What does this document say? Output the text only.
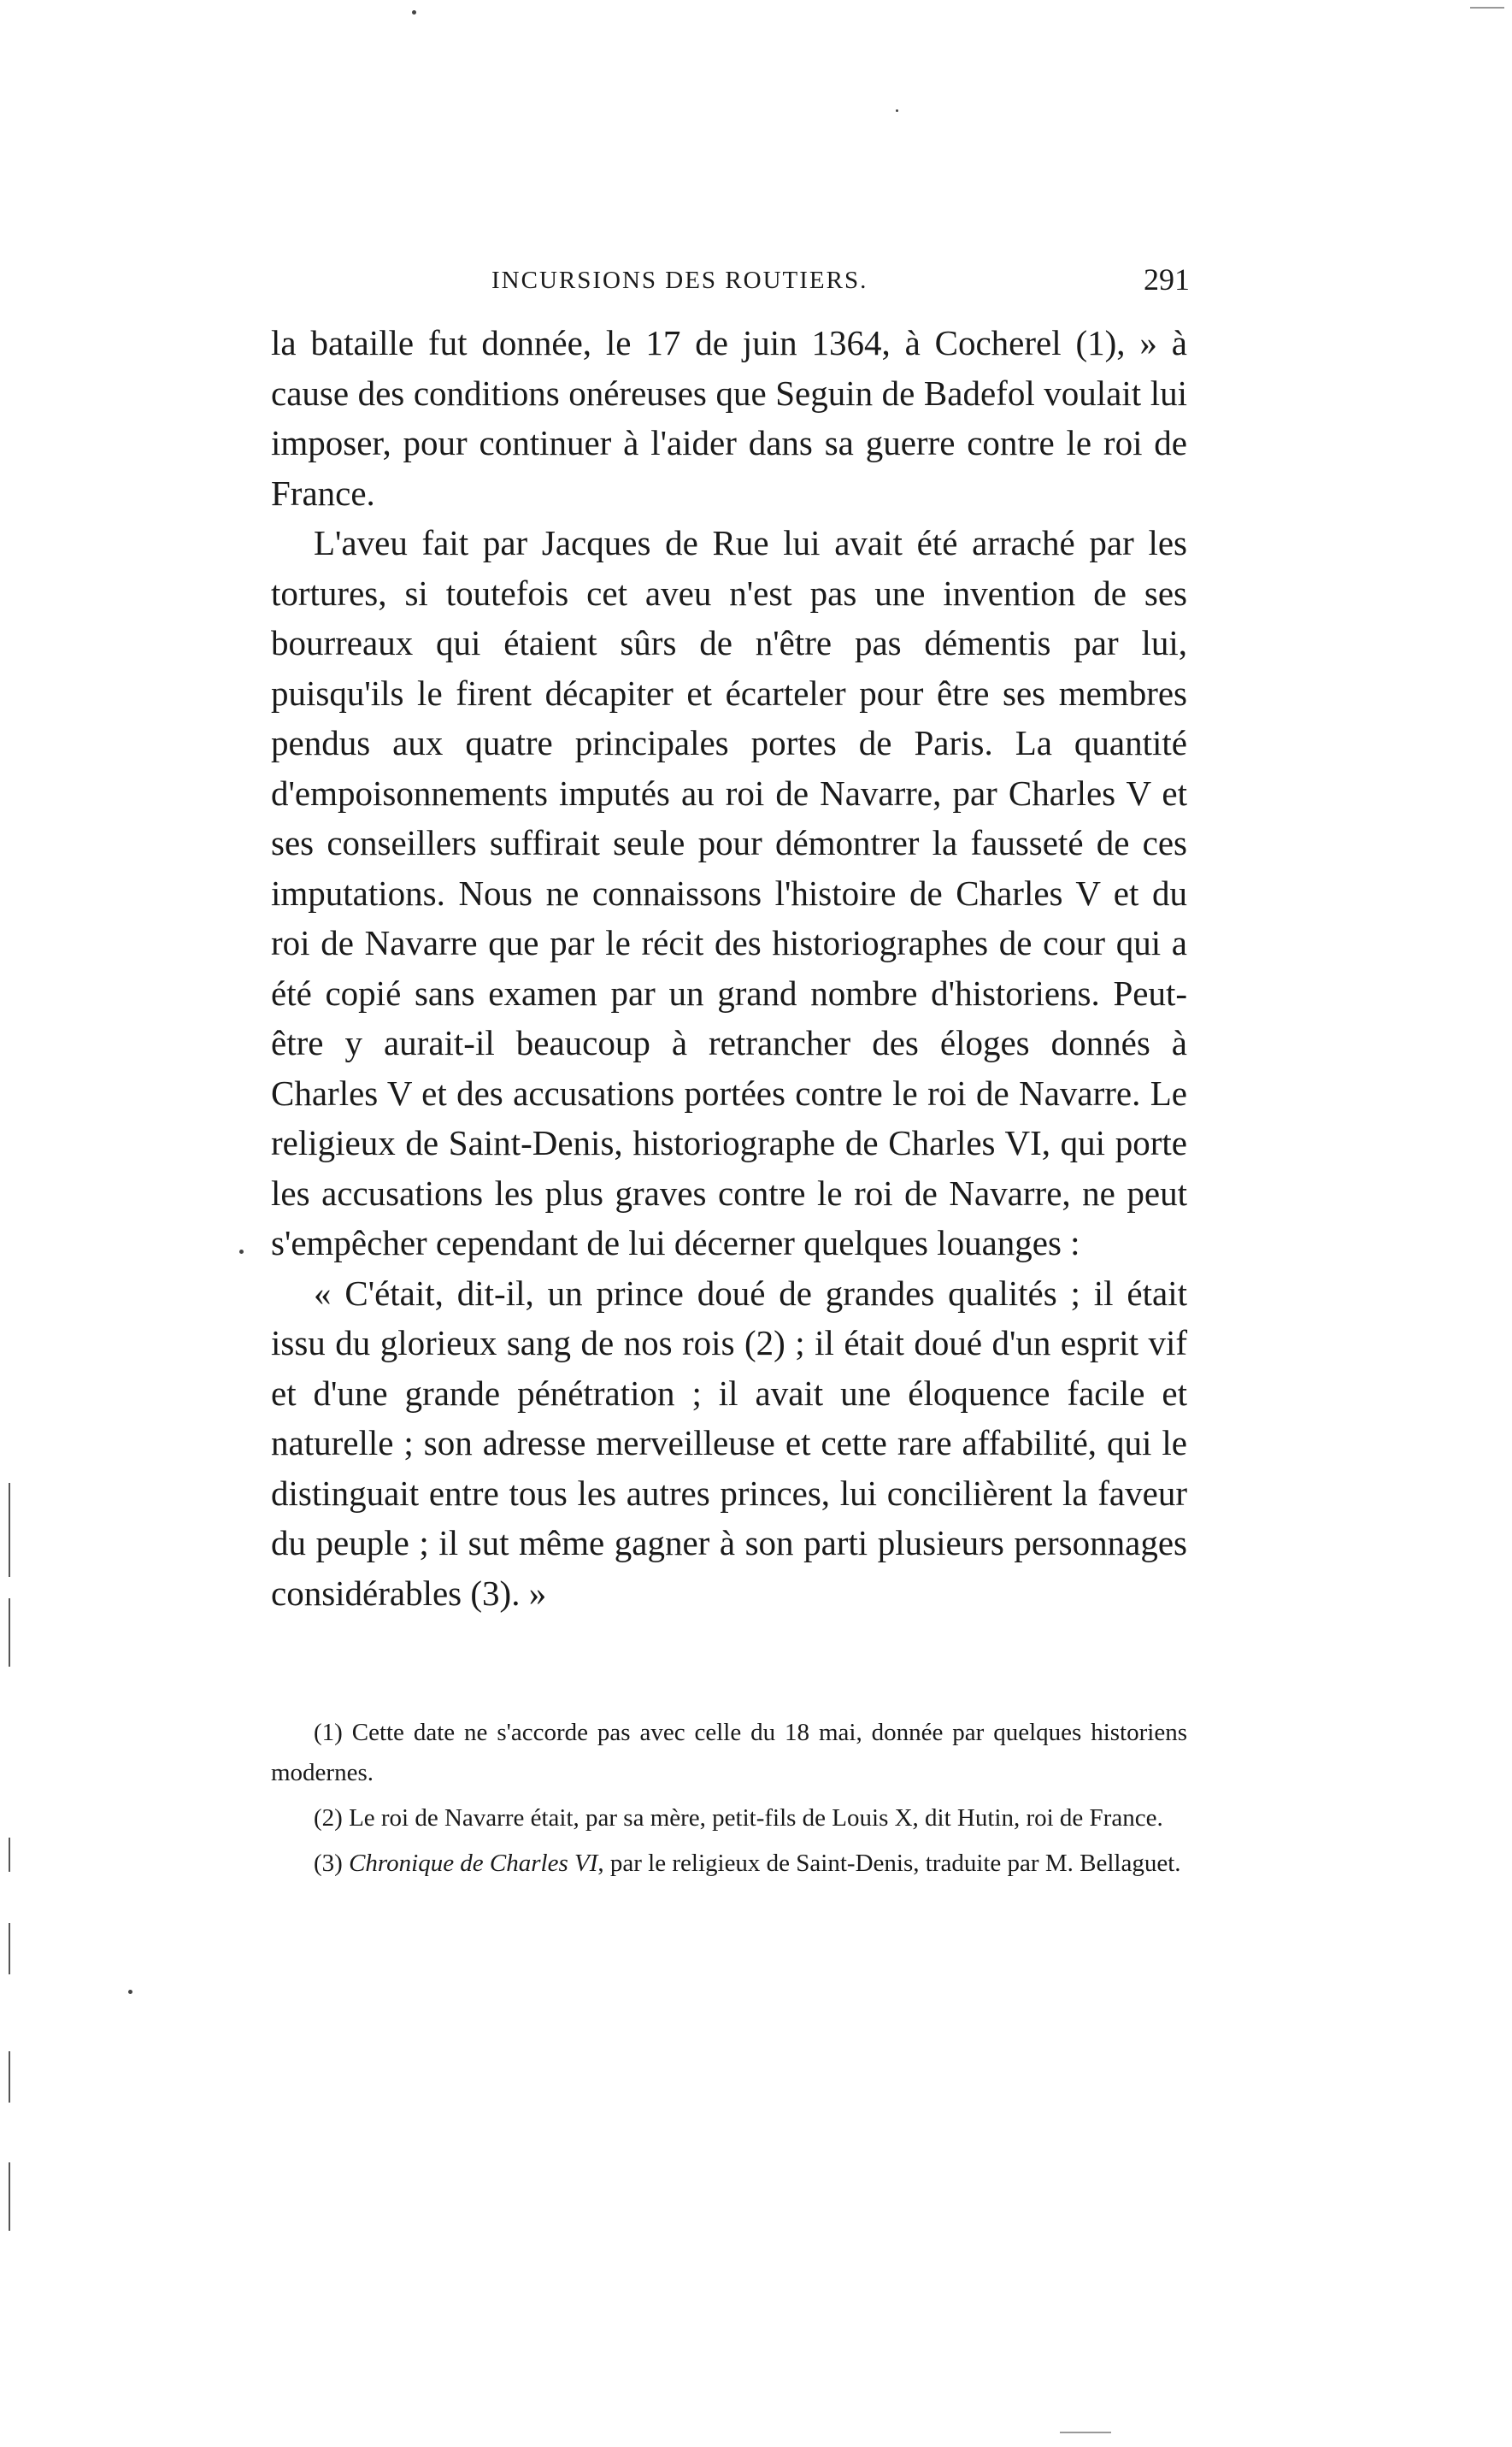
INCURSIONS DES ROUTIERS.	291

la bataille fut donnée, le 17 de juin 1364, à Cocherel (1), » à cause des conditions onéreuses que Seguin de Badefol voulait lui imposer, pour continuer à l'aider dans sa guerre contre le roi de France.

L'aveu fait par Jacques de Rue lui avait été arraché par les tortures, si toutefois cet aveu n'est pas une invention de ses bourreaux qui étaient sûrs de n'être pas démentis par lui, puisqu'ils le firent décapiter et écarteler pour être ses membres pendus aux quatre principales portes de Paris. La quantité d'empoisonnements imputés au roi de Navarre, par Charles V et ses conseillers suffirait seule pour démontrer la fausseté de ces imputations. Nous ne connaissons l'histoire de Charles V et du roi de Navarre que par le récit des historiographes de cour qui a été copié sans examen par un grand nombre d'historiens. Peut-être y aurait-il beaucoup à retrancher des éloges donnés à Charles V et des accusations portées contre le roi de Navarre. Le religieux de Saint-Denis, historiographe de Charles VI, qui porte les accusations les plus graves contre le roi de Navarre, ne peut s'empêcher cependant de lui décerner quelques louanges :

« C'était, dit-il, un prince doué de grandes qualités ; il était issu du glorieux sang de nos rois (2) ; il était doué d'un esprit vif et d'une grande pénétration ; il avait une éloquence facile et naturelle ; son adresse merveilleuse et cette rare affabilité, qui le distinguait entre tous les autres princes, lui concilièrent la faveur du peuple ; il sut même gagner à son parti plusieurs personnages considérables (3). »

(1) Cette date ne s'accorde pas avec celle du 18 mai, donnée par quelques historiens modernes.

(2) Le roi de Navarre était, par sa mère, petit-fils de Louis X, dit Hutin, roi de France.

(3) Chronique de Charles VI, par le religieux de Saint-Denis, traduite par M. Bellaguet.
